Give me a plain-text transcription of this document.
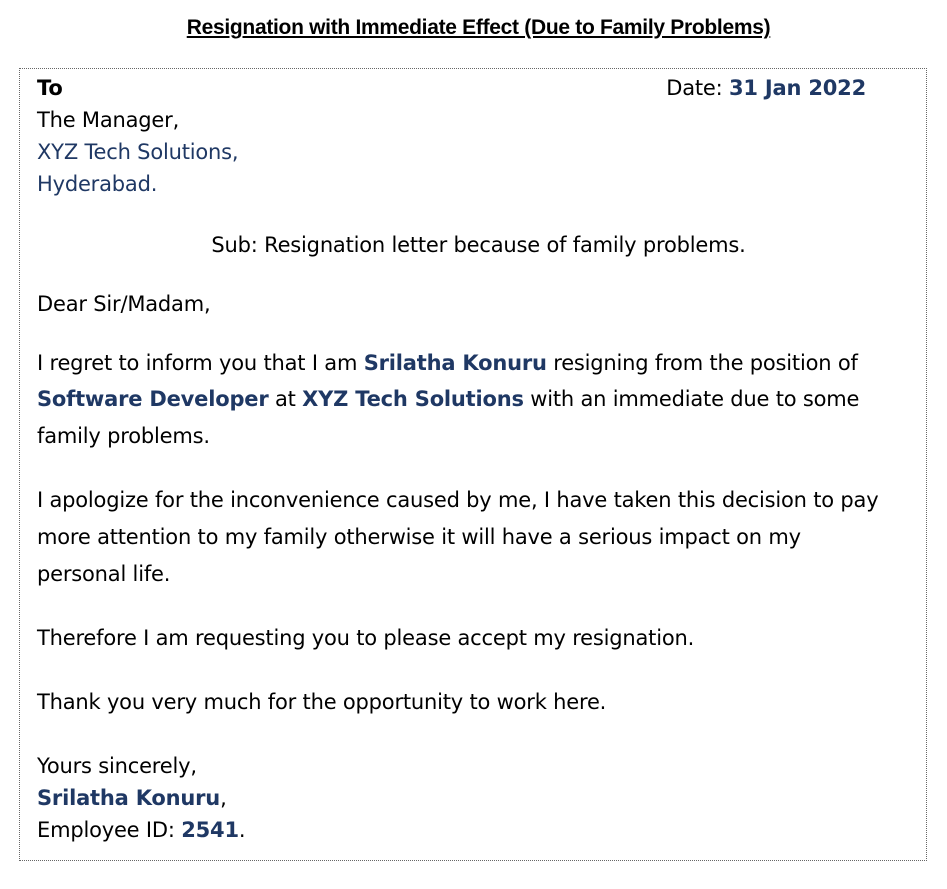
Resignation with Immediate Effect (Due to Family Problems)
To	Date: 31 Jan 2022
The Manager,
XYZ Tech Solutions,
Hyderabad.
Sub: Resignation letter because of family problems.
Dear Sir/Madam,
I regret to inform you that I am Srilatha Konuru resigning from the position of
Software Developer at XYZ Tech Solutions with an immediate due to some
family problems.
I apologize for the inconvenience caused by me, I have taken this decision to pay
more attention to my family otherwise it will have a serious impact on my
personal life.
Therefore I am requesting you to please accept my resignation.
Thank you very much for the opportunity to work here.
Yours sincerely,
Srilatha Konuru,
Employee ID: 2541.
